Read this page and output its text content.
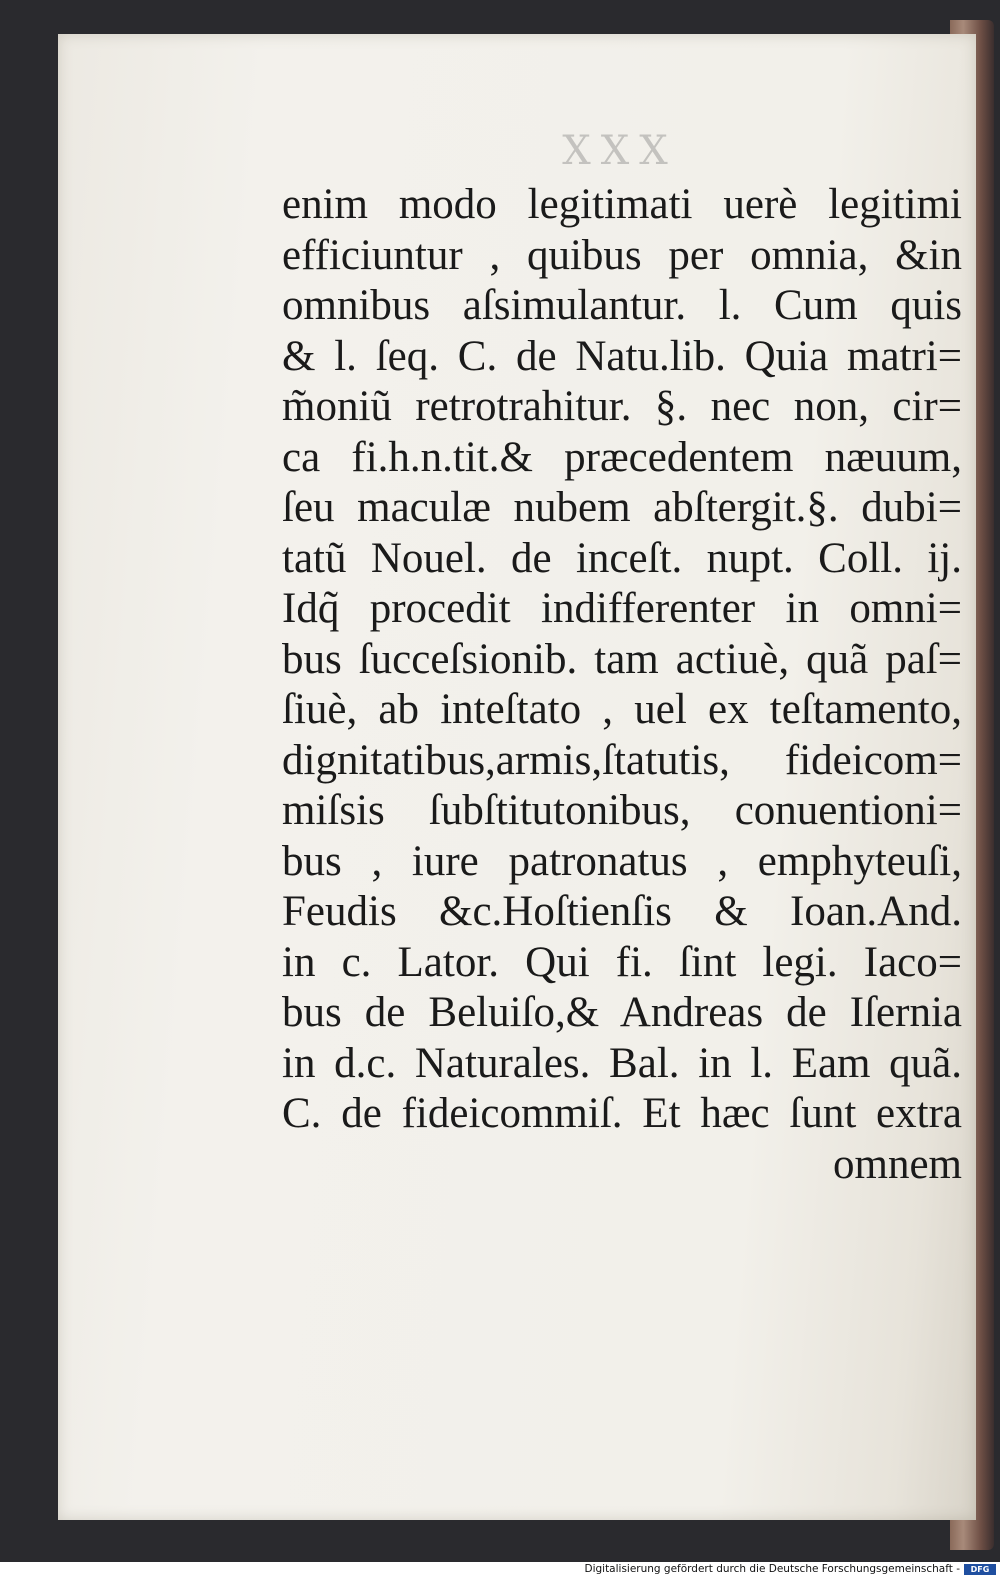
XXX
enim modo legitimati uerè legitimi
efficiuntur , quibus per omnia, &in
omnibus aſsimulantur. l. Cum quis
& l. ſeq. C. de Natu.lib. Quia matri=
m̃oniũ retrotrahitur. §. nec non, cir=
ca fi.h.n.tit.& præcedentem næuum,
ſeu maculæ nubem abſtergit.§. dubi=
tatũ Nouel. de inceſt. nupt. Coll. ij.
Idq̃ procedit indifferenter in omni=
bus ſucceſsionib. tam actiuè, quã paſ=
ſiuè, ab inteſtato , uel ex teſtamento,
dignitatibus,armis,ſtatutis, fideicom=
miſsis ſubſtitutonibus, conuentioni=
bus , iure patronatus , emphyteuſi,
Feudis &c.Hoſtienſis & Ioan.And.
in c. Lator. Qui fi. ſint legi. Iaco=
bus de Beluiſo,& Andreas de Iſernia
in d.c. Naturales. Bal. in l. Eam quã.
C. de fideicommiſ. Et hæc ſunt extra
omnem
Digitalisierung gefördert durch die Deutsche Forschungsgemeinschaft -	DFG
